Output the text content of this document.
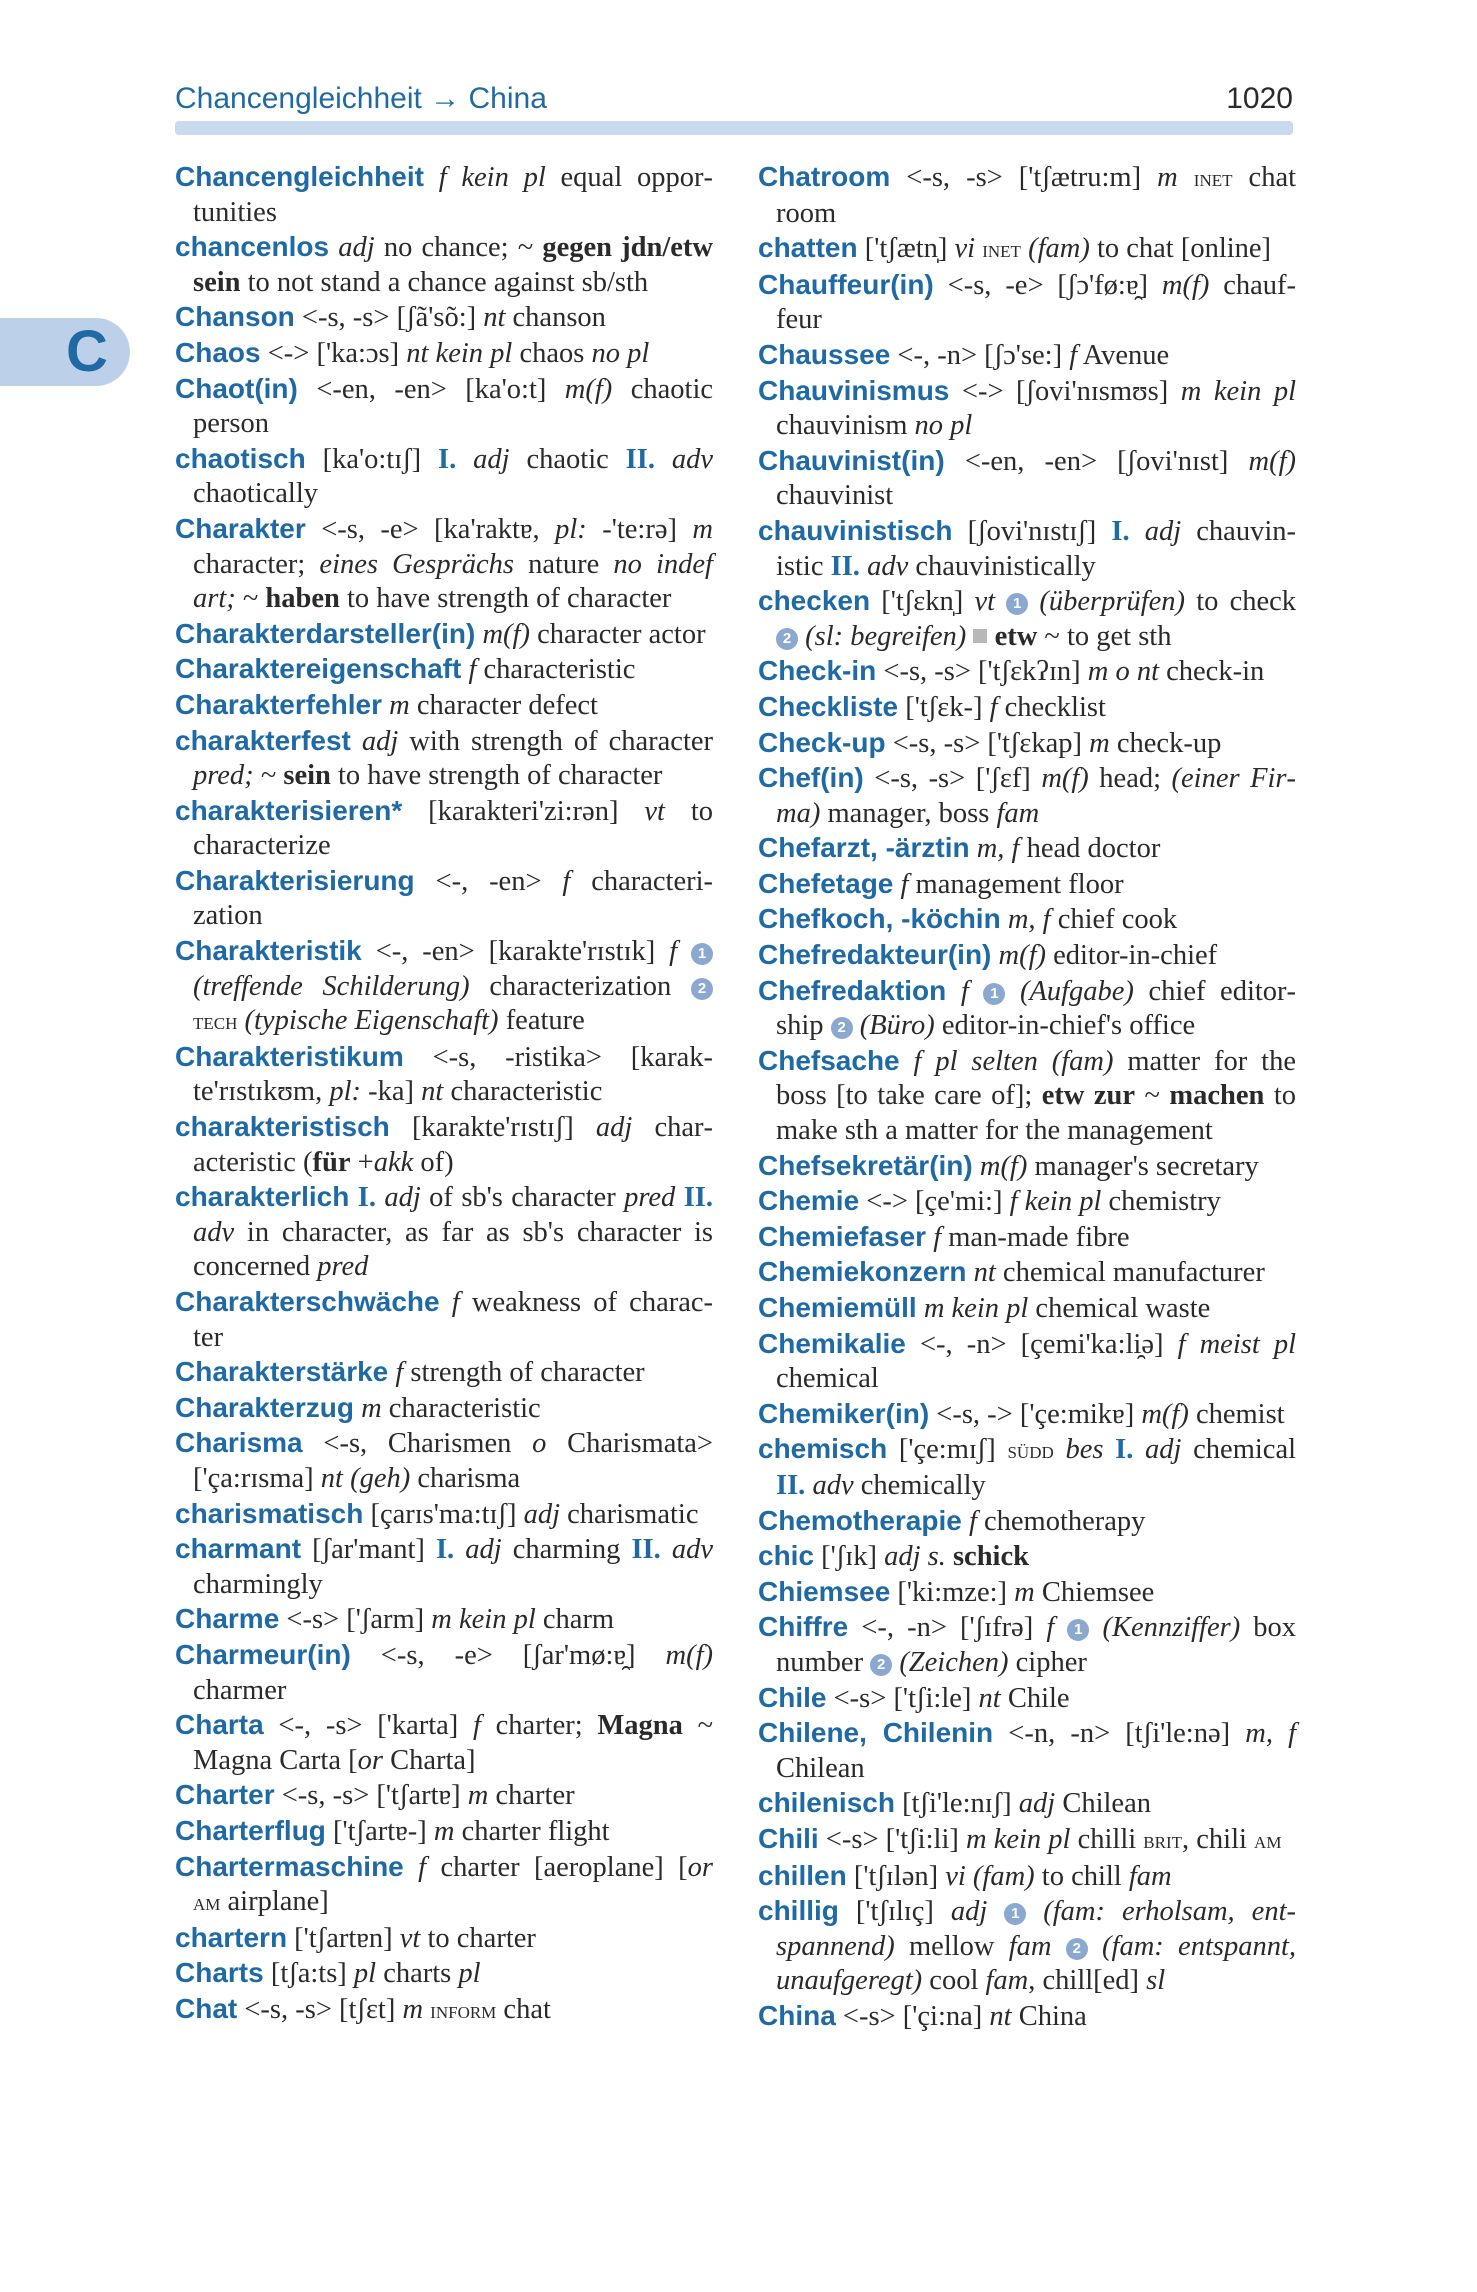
Chancengleichheit → China	1020
C
Chancengleichheit f kein pl equal opportunities
chancenlos adj no chance; ~ gegen jdn/etw sein to not stand a chance against sb/sth
Chanson <-s, -s> [ʃã'sõ:] nt chanson
Chaos <-> ['ka:ɔs] nt kein pl chaos no pl
Chaot(in) <-en, -en> [ka'o:t] m(f) chaotic person
chaotisch [ka'o:tɪʃ] I. adj chaotic II. adv chaotically
Charakter <-s, -e> [ka'raktɐ, pl: -'te:rə] m character; eines Gesprächs nature no indef art; ~ haben to have strength of character
Charakterdarsteller(in) m(f) character actor
Charaktereigenschaft f characteristic
Charakterfehler m character defect
charakterfest adj with strength of character pred; ~ sein to have strength of character
charakterisieren* [karakteri'zi:rən] vt to characterize
Charakterisierung <-, -en> f characterization
Charakteristik <-, -en> [karakte'rɪstɪk] f 1 (treffende Schilderung) characterization 2 tech (typische Eigenschaft) feature
Charakteristikum <-s, -ristika> [karakte'rɪstɪkʊm, pl: -ka] nt characteristic
charakteristisch [karakte'rɪstɪʃ] adj characteristic (für +akk of)
charakterlich I. adj of sb's character pred II. adv in character, as far as sb's character is concerned pred
Charakterschwäche f weakness of character
Charakterstärke f strength of character
Charakterzug m characteristic
Charisma <-s, Charismen o Charismata> ['ça:rɪsma] nt (geh) charisma
charismatisch [çarɪs'ma:tɪʃ] adj charismatic
charmant [ʃar'mant] I. adj charming II. adv charmingly
Charme <-s> ['ʃarm] m kein pl charm
Charmeur(in) <-s, -e> [ʃar'mø:ɐ̯] m(f) charmer
Charta <-, -s> ['karta] f charter; Magna ~ Magna Carta [or Charta]
Charter <-s, -s> ['tʃartɐ] m charter
Charterflug ['tʃartɐ-] m charter flight
Chartermaschine f charter [aeroplane] [or am airplane]
chartern ['tʃartɐn] vt to charter
Charts [tʃa:ts] pl charts pl
Chat <-s, -s> [tʃɛt] m inform chat
Chatroom <-s, -s> ['tʃætru:m] m inet chat room
chatten ['tʃætn̩] vi inet (fam) to chat [online]
Chauffeur(in) <-s, -e> [ʃɔ'fø:ɐ̯] m(f) chauffeur
Chaussee <-, -n> [ʃɔ'se:] f Avenue
Chauvinismus <-> [ʃovi'nɪsmʊs] m kein pl chauvinism no pl
Chauvinist(in) <-en, -en> [ʃovi'nɪst] m(f) chauvinist
chauvinistisch [ʃovi'nɪstɪʃ] I. adj chauvinistic II. adv chauvinistically
checken ['tʃɛkn̩] vt 1 (überprüfen) to check 2 (sl: begreifen) etw ~ to get sth
Check-in <-s, -s> ['tʃɛkʔɪn] m o nt check-in
Checkliste ['tʃɛk-] f checklist
Check-up <-s, -s> ['tʃɛkap] m check-up
Chef(in) <-s, -s> ['ʃɛf] m(f) head; (einer Firma) manager, boss fam
Chefarzt, -ärztin m, f head doctor
Chefetage f management floor
Chefkoch, -köchin m, f chief cook
Chefredakteur(in) m(f) editor-in-chief
Chefredaktion f 1 (Aufgabe) chief editorship 2 (Büro) editor-in-chief's office
Chefsache f pl selten (fam) matter for the boss [to take care of]; etw zur ~ machen to make sth a matter for the management
Chefsekretär(in) m(f) manager's secretary
Chemie <-> [çe'mi:] f kein pl chemistry
Chemiefaser f man-made fibre
Chemiekonzern nt chemical manufacturer
Chemiemüll m kein pl chemical waste
Chemikalie <-, -n> [çemi'ka:li̯ə] f meist pl chemical
Chemiker(in) <-s, -> ['çe:mikɐ] m(f) chemist
chemisch ['çe:mɪʃ] südd bes I. adj chemical II. adv chemically
Chemotherapie f chemotherapy
chic ['ʃɪk] adj s. schick
Chiemsee ['ki:mze:] m Chiemsee
Chiffre <-, -n> ['ʃɪfrə] f 1 (Kennziffer) box number 2 (Zeichen) cipher
Chile <-s> ['tʃi:le] nt Chile
Chilene, Chilenin <-n, -n> [tʃi'le:nə] m, f Chilean
chilenisch [tʃi'le:nɪʃ] adj Chilean
Chili <-s> ['tʃi:li] m kein pl chilli brit, chili am
chillen ['tʃɪlən] vi (fam) to chill fam
chillig ['tʃɪlɪç] adj 1 (fam: erholsam, entspannend) mellow fam 2 (fam: entspannt, unaufgeregt) cool fam, chill[ed] sl
China <-s> ['çi:na] nt China
